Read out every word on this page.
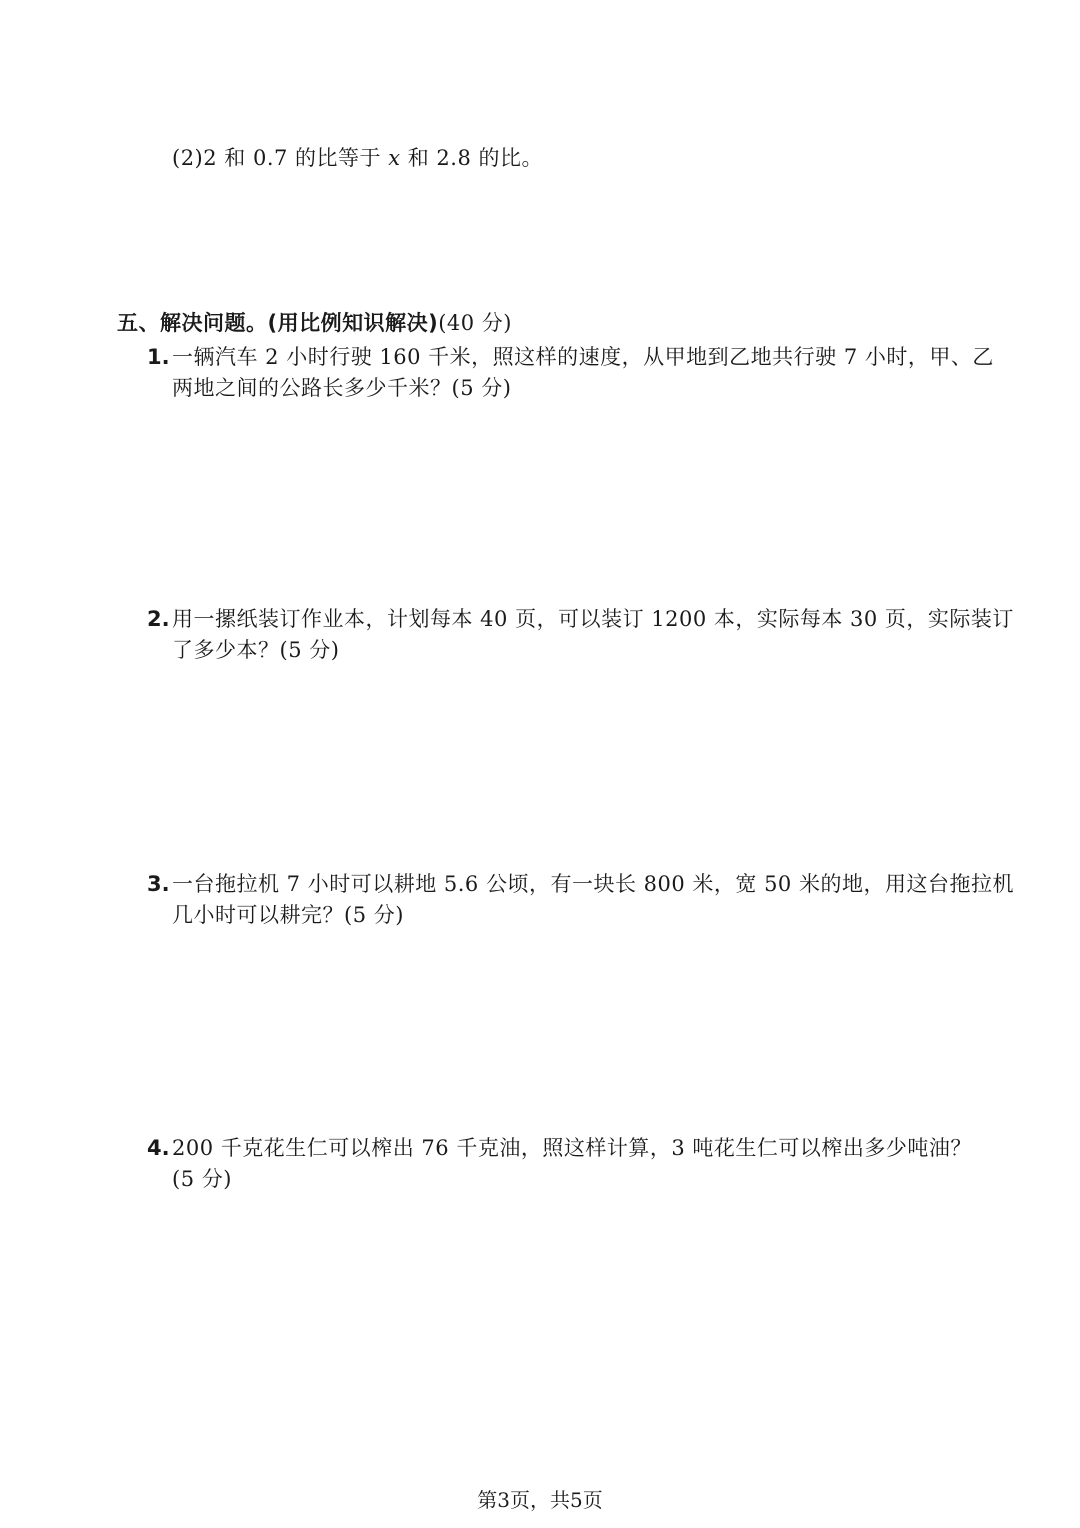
(2)2 和 0.7 的比等于 x 和 2.8 的比。
五、解决问题。(用比例知识解决)(40 分)
1. 一辆汽车 2 小时行驶 160 千米，照这样的速度，从甲地到乙地共行驶 7 小时，甲、乙
两地之间的公路长多少千米？(5 分)
2. 用一摞纸装订作业本，计划每本 40 页，可以装订 1200 本，实际每本 30 页，实际装订
了多少本？(5 分)
3. 一台拖拉机 7 小时可以耕地 5.6 公顷，有一块长 800 米，宽 50 米的地，用这台拖拉机
几小时可以耕完？(5 分)
4. 200 千克花生仁可以榨出 76 千克油，照这样计算，3 吨花生仁可以榨出多少吨油？
(5 分)
第3页，共5页
